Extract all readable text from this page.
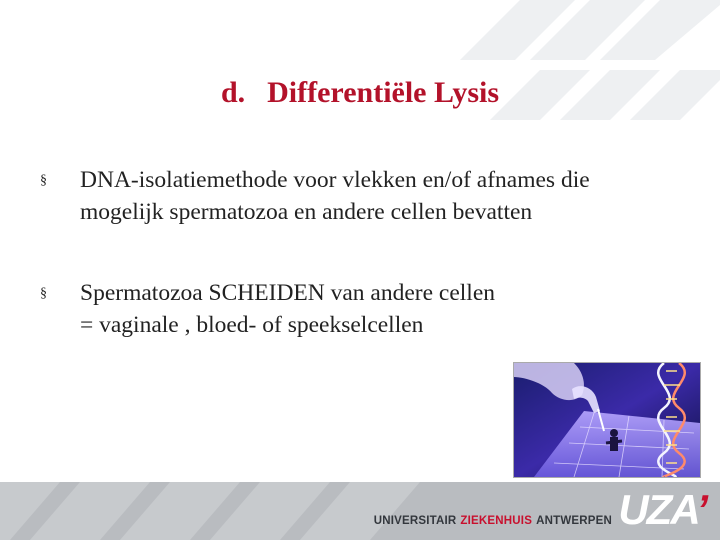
d. Differentiële Lysis
§ DNA-isolatiemethode voor vlekken en/of afnames die
mogelijk spermatozoa en andere cellen bevatten
§ Spermatozoa SCHEIDEN van andere cellen
= vaginale , bloed- of speekselcellen
UNIVERSITAIR ZIEKENHUIS ANTWERPEN UZA’
